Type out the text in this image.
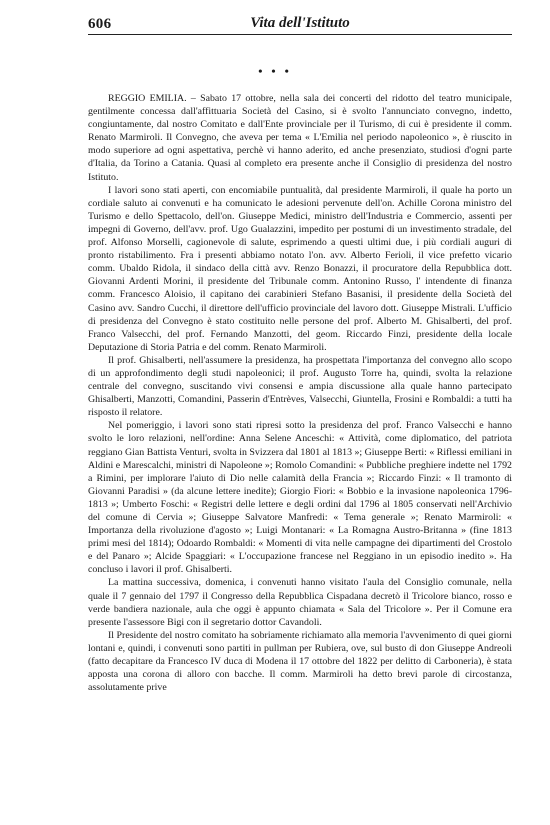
606	Vita dell'Istituto
• • •

REGGIO EMILIA. – Sabato 17 ottobre, nella sala dei concerti del ridotto del teatro municipale, gentilmente concessa dall'affittuaria Società del Casino, si è svolto l'annunciato convegno, indetto, congiuntamente, dal nostro Comitato e dall'Ente provinciale per il Turismo, di cui è presidente il comm. Renato Marmiroli. Il Convegno, che aveva per tema « L'Emilia nel periodo napoleonico », è riuscito in modo superiore ad ogni aspettativa, perchè vi hanno aderito, ed anche presenziato, studiosi d'ogni parte d'Italia, da Torino a Catania. Quasi al completo era presente anche il Consiglio di presidenza del nostro Istituto.

I lavori sono stati aperti, con encomiabile puntualità, dal presidente Marmiroli, il quale ha porto un cordiale saluto ai convenuti e ha comunicato le adesioni pervenute dell'on. Achille Corona ministro del Turismo e dello Spettacolo, dell'on. Giuseppe Medici, ministro dell'Industria e Commercio, assenti per impegni di Governo, dell'avv. prof. Ugo Gualazzini, impedito per postumi di un investimento stradale, del prof. Alfonso Morselli, cagionevole di salute, esprimendo a questi ultimi due, i più cordiali auguri di pronto ristabilimento. Fra i presenti abbiamo notato l'on. avv. Alberto Ferioli, il vice prefetto vicario comm. Ubaldo Ridola, il sindaco della città avv. Renzo Bonazzi, il procuratore della Repubblica dott. Giovanni Ardenti Morini, il presidente del Tribunale comm. Antonino Russo, l' intendente di finanza comm. Francesco Aloisio, il capitano dei carabinieri Stefano Basanisi, il presidente della Società del Casino avv. Sandro Cucchi, il direttore dell'ufficio provinciale del lavoro dott. Giuseppe Mistrali. L'ufficio di presidenza del Convegno è stato costituito nelle persone del prof. Alberto M. Ghisalberti, del prof. Franco Valsecchi, del prof. Fernando Manzotti, del geom. Riccardo Finzi, presidente della locale Deputazione di Storia Patria e del comm. Renato Marmiroli.

Il prof. Ghisalberti, nell'assumere la presidenza, ha prospettata l'importanza del convegno allo scopo di un approfondimento degli studi napoleonici; il prof. Augusto Torre ha, quindi, svolta la relazione centrale del convegno, suscitando vivi consensi e ampia discussione alla quale hanno partecipato Ghisalberti, Manzotti, Comandini, Passerin d'Entrèves, Valsecchi, Giuntella, Frosini e Rombaldi: a tutti ha risposto il relatore.

Nel pomeriggio, i lavori sono stati ripresi sotto la presidenza del prof. Franco Valsecchi e hanno svolto le loro relazioni, nell'ordine: Anna Selene Anceschi: « Attività, come diplomatico, del patriota reggiano Gian Battista Venturi, svolta in Svizzera dal 1801 al 1813 »; Giuseppe Berti: « Riflessi emiliani in Aldini e Marescalchi, ministri di Napoleone »; Romolo Comandini: « Pubbliche preghiere indette nel 1792 a Rimini, per implorare l'aiuto di Dio nelle calamità della Francia »; Riccardo Finzi: « Il tramonto di Giovanni Paradisi » (da alcune lettere inedite); Giorgio Fiori: « Bobbio e la invasione napoleonica 1796-1813 »; Umberto Foschi: « Registri delle lettere e degli ordini dal 1796 al 1805 conservati nell'Archivio del comune di Cervia »; Giuseppe Salvatore Manfredi: « Tema generale »; Renato Marmiroli: « Importanza della rivoluzione d'agosto »; Luigi Montanari: « La Romagna Austro-Britanna » (fine 1813 primi mesi del 1814); Odoardo Rombaldi: « Momenti di vita nelle campagne dei dipartimenti del Crostolo e del Panaro »; Alcide Spaggiari: « L'occupazione francese nel Reggiano in un episodio inedito ». Ha concluso i lavori il prof. Ghisalberti.

La mattina successiva, domenica, i convenuti hanno visitato l'aula del Consiglio comunale, nella quale il 7 gennaio del 1797 il Congresso della Repubblica Cispadana decretò il Tricolore bianco, rosso e verde bandiera nazionale, aula che oggi è appunto chiamata « Sala del Tricolore ». Per il Comune era presente l'assessore Bigi con il segretario dottor Cavandoli.

Il Presidente del nostro comitato ha sobriamente richiamato alla memoria l'avvenimento di quei giorni lontani e, quindi, i convenuti sono partiti in pullman per Rubiera, ove, sul busto di don Giuseppe Andreoli (fatto decapitare da Francesco IV duca di Modena il 17 ottobre del 1822 per delitto di Carboneria), è stata apposta una corona di alloro con bacche. Il comm. Marmiroli ha detto brevi parole di circostanza, assolutamente prive
